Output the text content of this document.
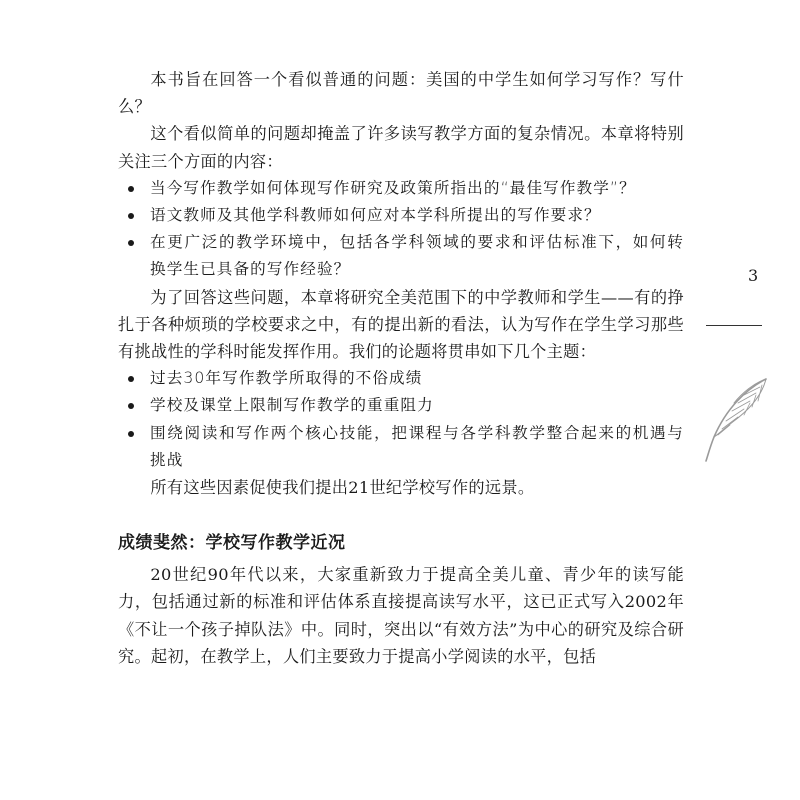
本书旨在回答一个看似普通的问题：美国的中学生如何学习写作？写什么？

这个看似简单的问题却掩盖了许多读写教学方面的复杂情况。本章将特别关注三个方面的内容：

当今写作教学如何体现写作研究及政策所指出的“最佳写作教学”？
语文教师及其他学科教师如何应对本学科所提出的写作要求？
在更广泛的教学环境中，包括各学科领域的要求和评估标准下，如何转换学生已具备的写作经验？

为了回答这些问题，本章将研究全美范围下的中学教师和学生——有的挣扎于各种烦琐的学校要求之中，有的提出新的看法，认为写作在学生学习那些有挑战性的学科时能发挥作用。我们的论题将贯串如下几个主题：

过去30年写作教学所取得的不俗成绩
学校及课堂上限制写作教学的重重阻力
围绕阅读和写作两个核心技能，把课程与各学科教学整合起来的机遇与挑战

所有这些因素促使我们提出21世纪学校写作的远景。

成绩斐然：学校写作教学近况

20世纪90年代以来，大家重新致力于提高全美儿童、青少年的读写能力，包括通过新的标准和评估体系直接提高读写水平，这已正式写入2002年《不让一个孩子掉队法》中。同时，突出以“有效方法”为中心的研究及综合研究。起初，在教学上，人们主要致力于提高小学阅读的水平，包括

3
